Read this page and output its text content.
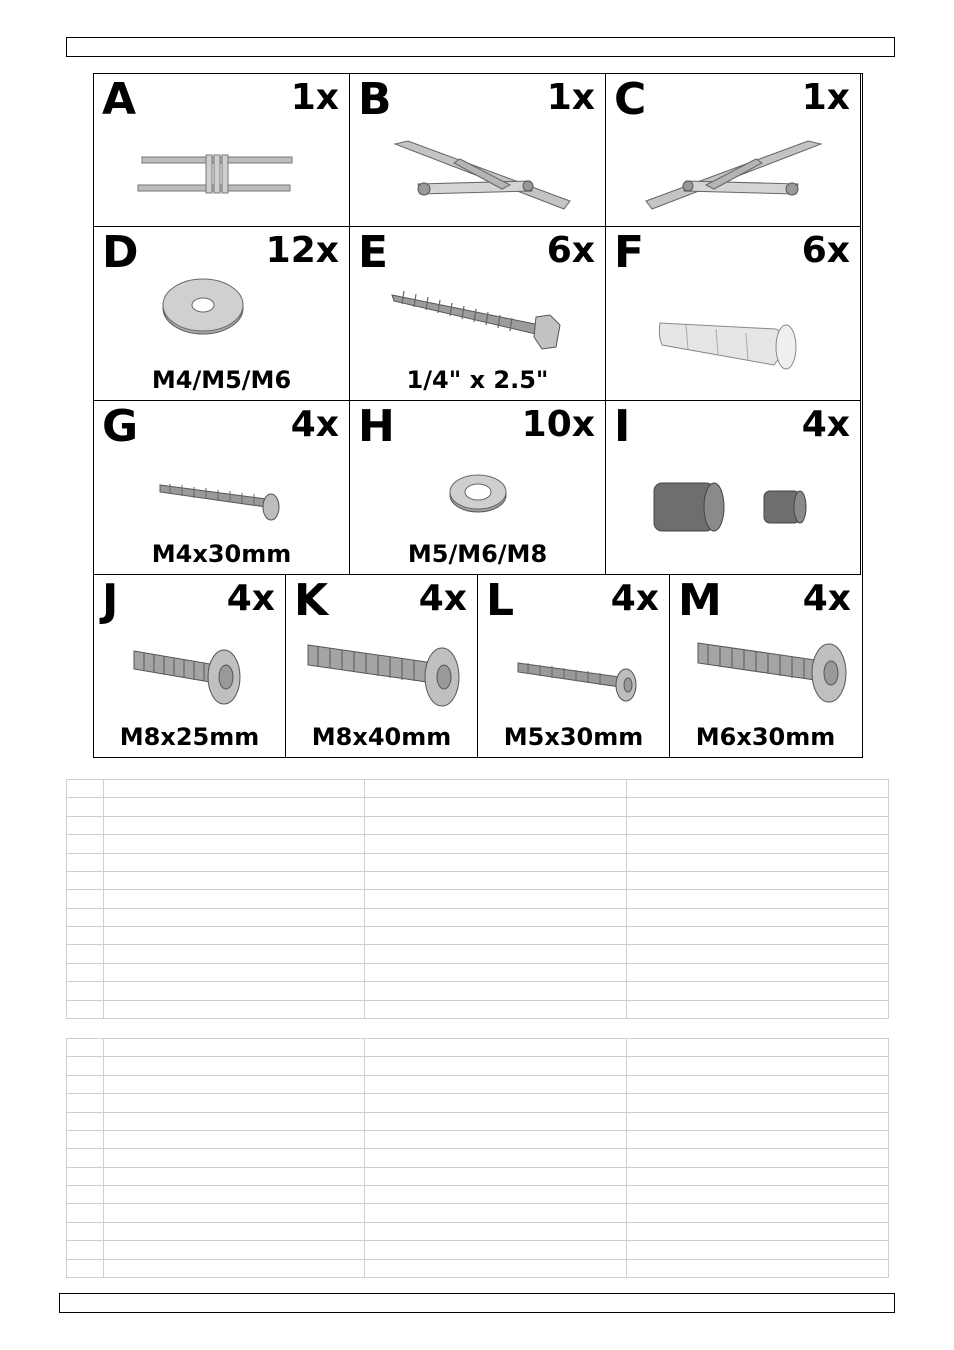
A	1x B	1x C	1x
D	12x
M4/M5/M6
E	6x
1/4" x 2.5"
F	6x
G	4x
M4x30mm
H	10x
M5/M6/M8
I	4x
J	4x
M8x25mm
K	4x
M8x40mm
L	4x
M5x30mm
M 4x
M6x30mm
